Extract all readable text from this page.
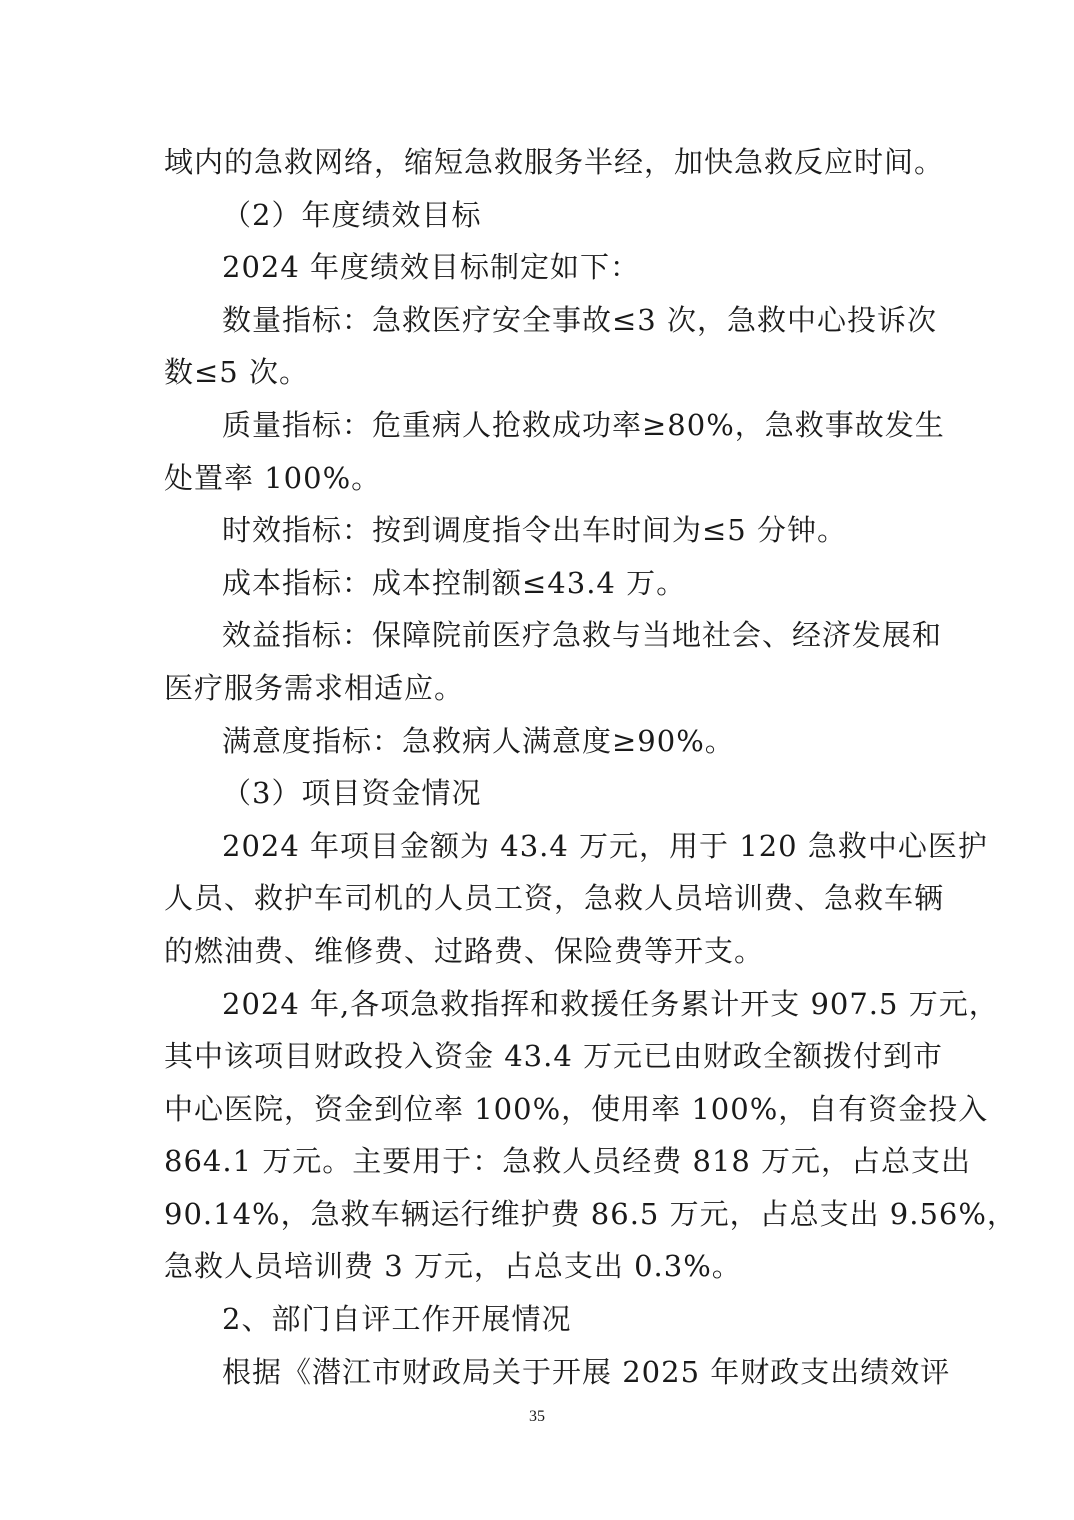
域内的急救网络，缩短急救服务半经，加快急救反应时间。
（2）年度绩效目标
2024 年度绩效目标制定如下：
数量指标：急救医疗安全事故≤3 次，急救中心投诉次
数≤5 次。
质量指标：危重病人抢救成功率≥80%，急救事故发生
处置率 100%。
时效指标：按到调度指令出车时间为≤5 分钟。
成本指标：成本控制额≤43.4 万。
效益指标：保障院前医疗急救与当地社会、经济发展和
医疗服务需求相适应。
满意度指标：急救病人满意度≥90%。
（3）项目资金情况
2024 年项目金额为 43.4 万元，用于 120 急救中心医护
人员、救护车司机的人员工资，急救人员培训费、急救车辆
的燃油费、维修费、过路费、保险费等开支。
2024 年,各项急救指挥和救援任务累计开支 907.5 万元，
其中该项目财政投入资金 43.4 万元已由财政全额拨付到市
中心医院，资金到位率 100%，使用率 100%，自有资金投入
864.1 万元。主要用于：急救人员经费 818 万元，占总支出
90.14%，急救车辆运行维护费 86.5 万元，占总支出 9.56%，
急救人员培训费 3 万元，占总支出 0.3%。
2、部门自评工作开展情况
根据《潜江市财政局关于开展 2025 年财政支出绩效评
35
